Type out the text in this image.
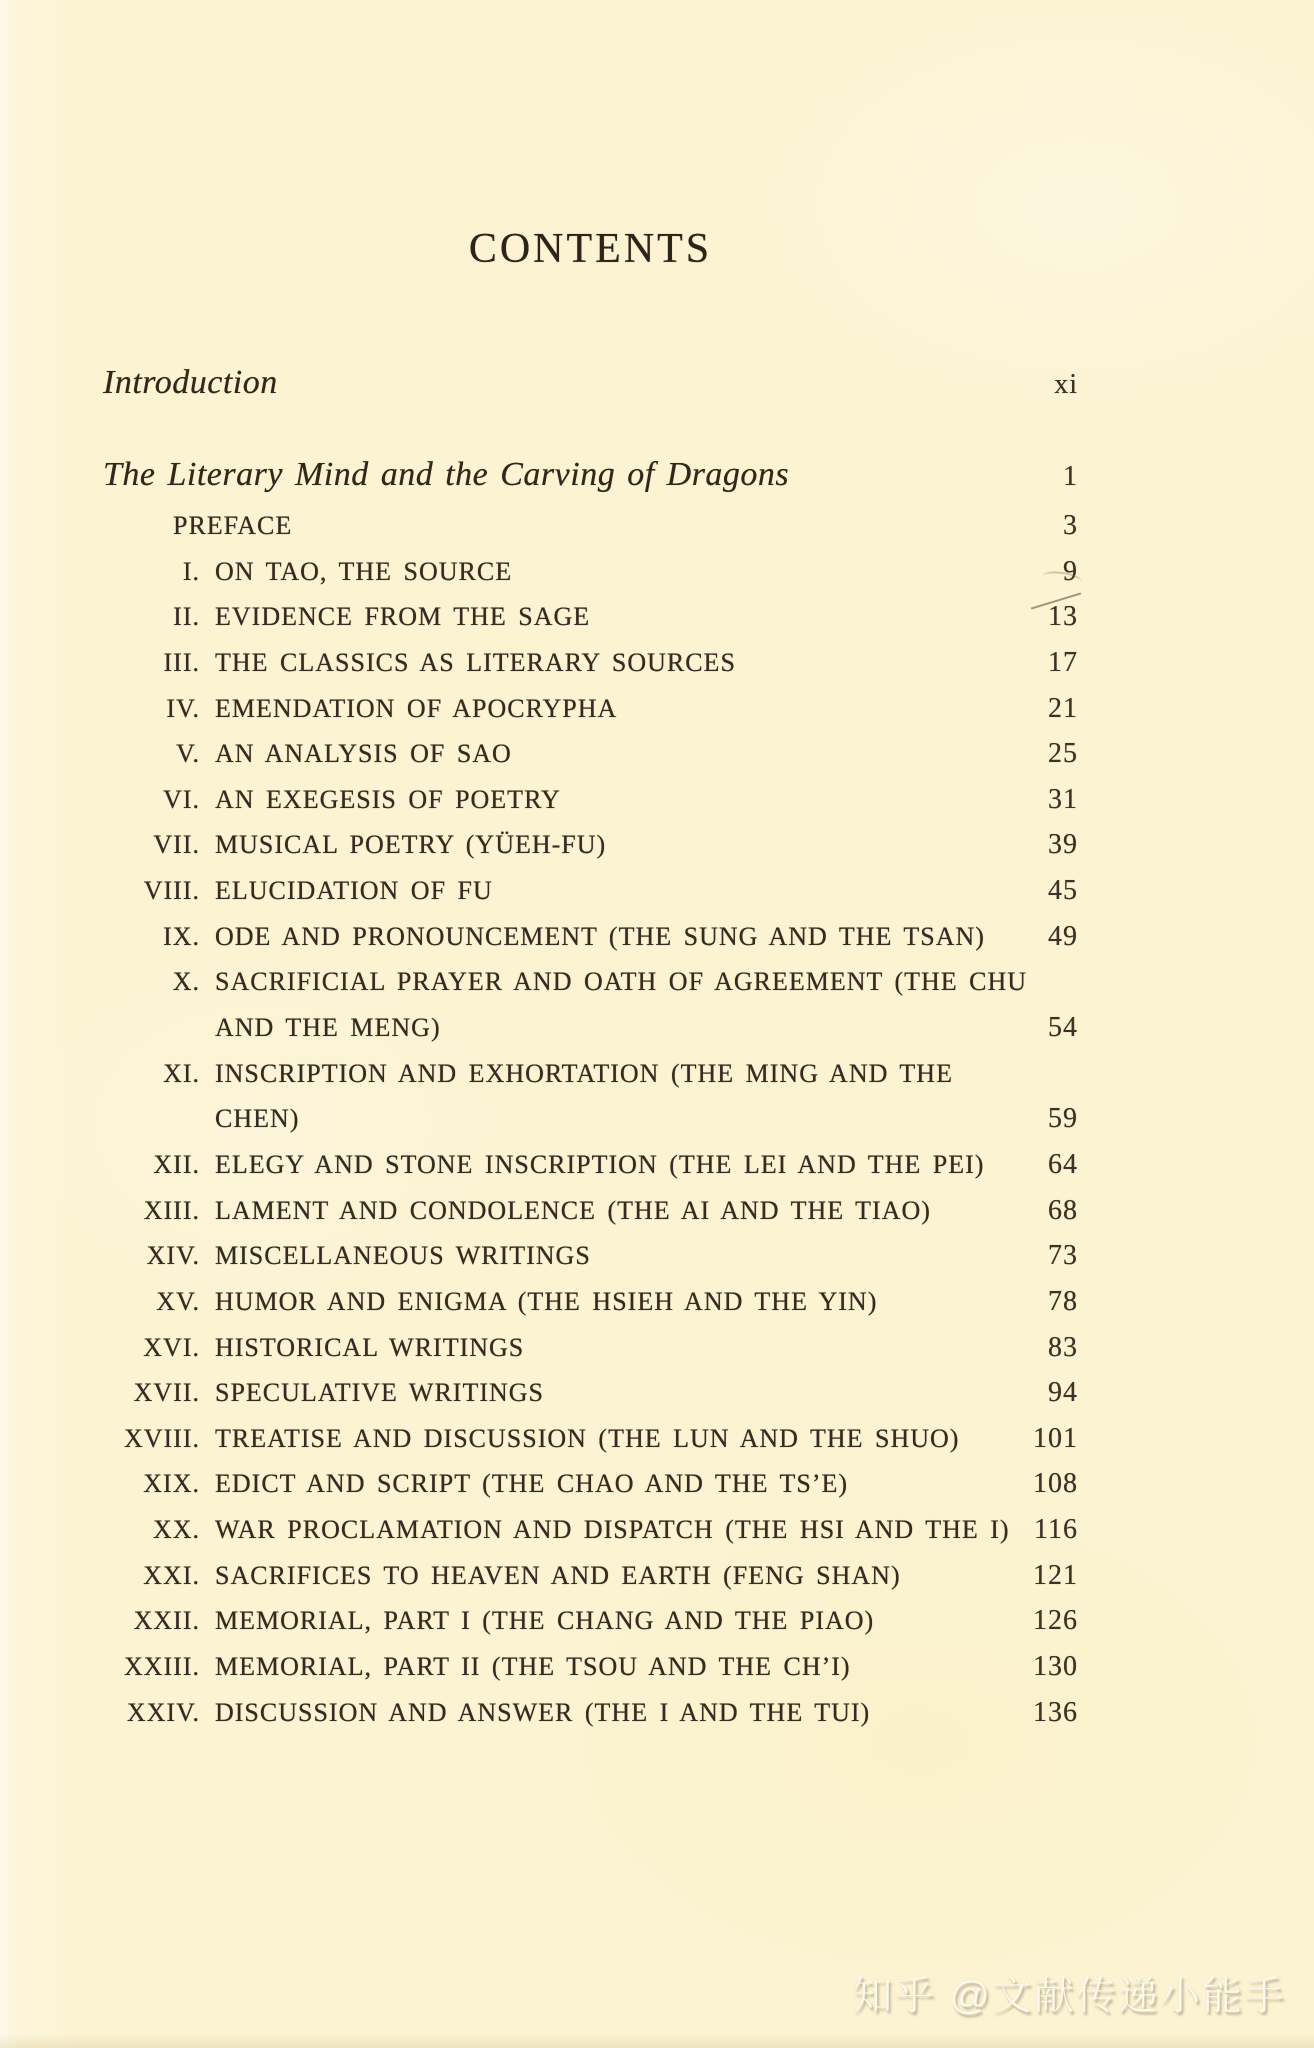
CONTENTS
Introduction	xi
The Literary Mind and the Carving of Dragons	1
PREFACE	3
I. ON TAO, THE SOURCE	9
II. EVIDENCE FROM THE SAGE	13
III. THE CLASSICS AS LITERARY SOURCES	17
IV. EMENDATION OF APOCRYPHA	21
V. AN ANALYSIS OF SAO	25
VI. AN EXEGESIS OF POETRY	31
VII. MUSICAL POETRY (YÜEH-FU)	39
VIII. ELUCIDATION OF FU	45
IX. ODE AND PRONOUNCEMENT (THE SUNG AND THE TSAN)	49
X. SACRIFICIAL PRAYER AND OATH OF AGREEMENT (THE CHU
AND THE MENG)	54
XI. INSCRIPTION AND EXHORTATION (THE MING AND THE
CHEN)	59
XII. ELEGY AND STONE INSCRIPTION (THE LEI AND THE PEI)	64
XIII. LAMENT AND CONDOLENCE (THE AI AND THE TIAO)	68
XIV. MISCELLANEOUS WRITINGS	73
XV. HUMOR AND ENIGMA (THE HSIEH AND THE YIN)	78
XVI. HISTORICAL WRITINGS	83
XVII. SPECULATIVE WRITINGS	94
XVIII. TREATISE AND DISCUSSION (THE LUN AND THE SHUO)	101
XIX. EDICT AND SCRIPT (THE CHAO AND THE TS’E)	108
XX. WAR PROCLAMATION AND DISPATCH (THE HSI AND THE I) 116
XXI. SACRIFICES TO HEAVEN AND EARTH (FENG SHAN)	121
XXII. MEMORIAL, PART I (THE CHANG AND THE PIAO)	126
XXIII. MEMORIAL, PART II (THE TSOU AND THE CH’I)	130
XXIV. DISCUSSION AND ANSWER (THE I AND THE TUI)	136
知乎 @文献传递小能手
